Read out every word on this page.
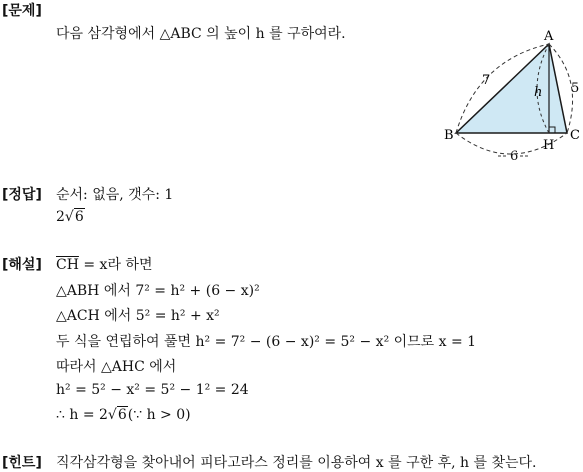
[문제]
다음 삼각형에서 △ABC 의 높이 h 를 구하여라.	A
B	C
H
h
7
5
6
[정답] 순서: 없음, 갯수: 1
2√6
[해설] $\overline{CH} = x$라 하면
△ABH 에서 7² = h² + (6 − x)²
△ACH 에서 5² = h² + x²
두 식을 연립하여 풀면 h² = 7² − (6 − x)² = 5² − x² 이므로 x = 1
따라서 △AHC 에서
h² = 5² − x² = 5² − 1² = 24
∴ h = 2√6(∵ h > 0)
[힌트] 직각삼각형을 찾아내어 피타고라스 정리를 이용하여 x 를 구한 후, h 를 찾는다.
